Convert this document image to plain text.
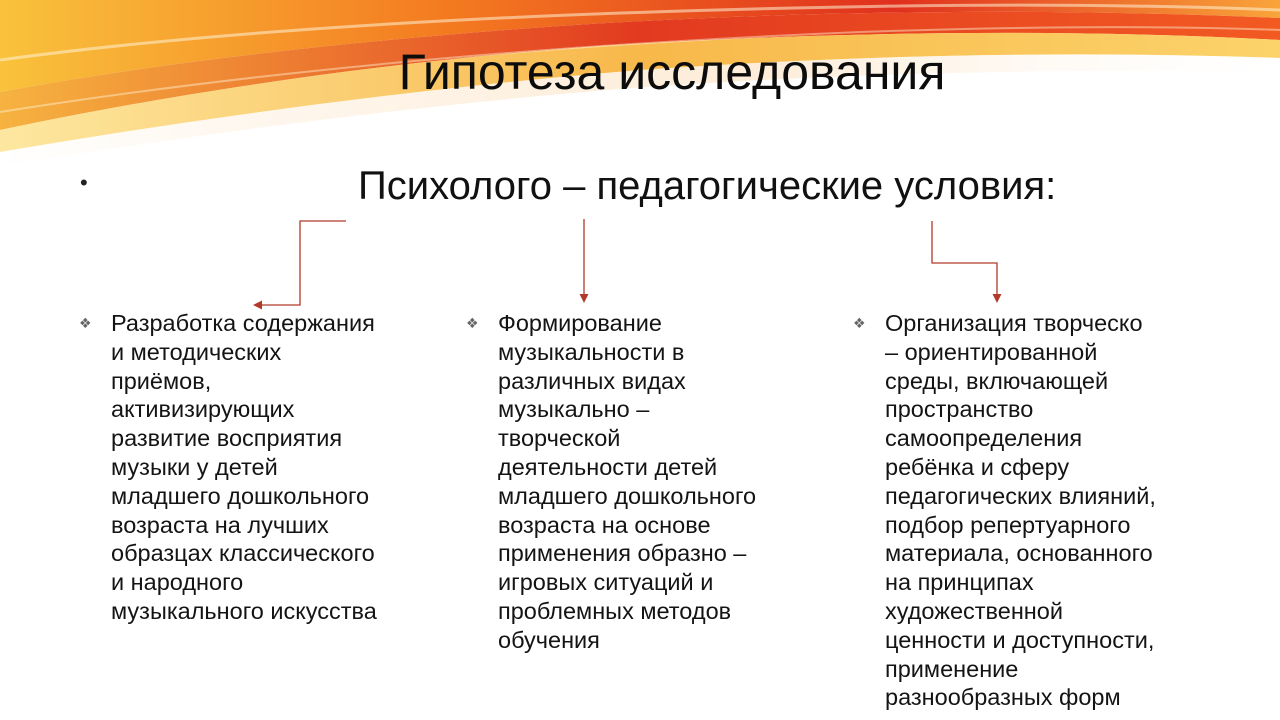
Гипотеза исследования
•	Психолого – педагогические условия:
❖ Разработка содержания
и методических
приёмов,
активизирующих
развитие восприятия
музыки у детей
младшего дошкольного
возраста на лучших
образцах классического
и народного
музыкального искусства
❖ Формирование
музыкальности в
различных видах
музыкально –
творческой
деятельности детей
младшего дошкольного
возраста на основе
применения образно –
игровых ситуаций и
проблемных методов
обучения
❖ Организация творческо
– ориентированной
среды, включающей
пространство
самоопределения
ребёнка и сферу
педагогических влияний,
подбор репертуарного
материала, основанного
на принципах
художественной
ценности и доступности,
применение
разнообразных форм
